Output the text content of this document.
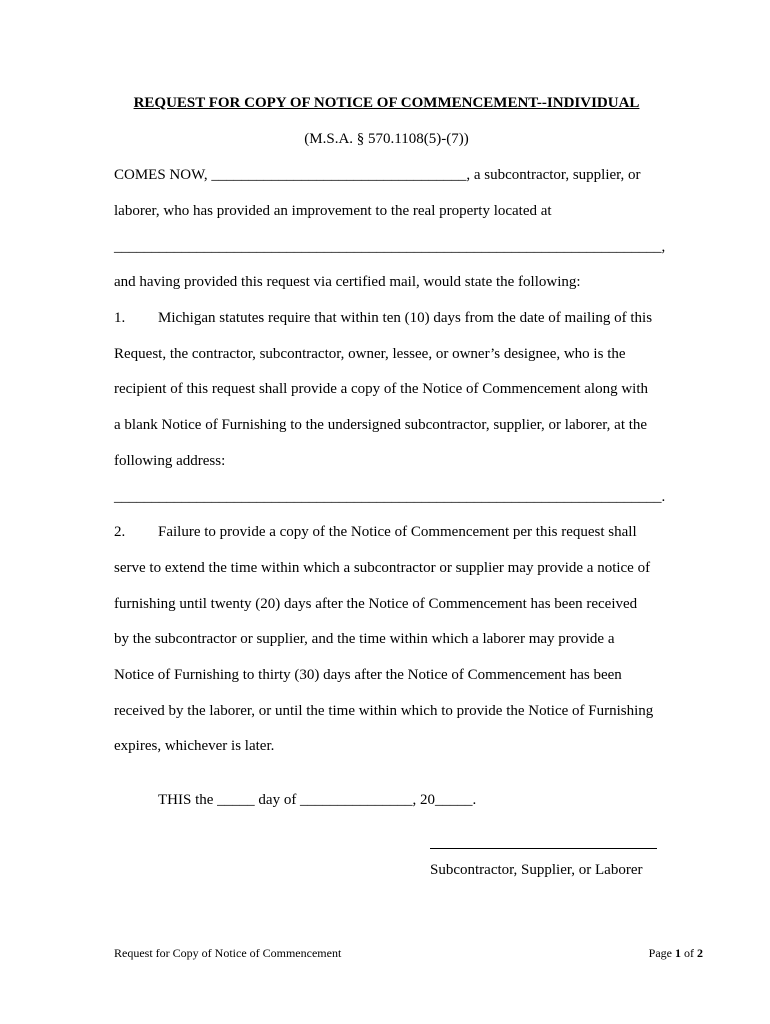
REQUEST FOR COPY OF NOTICE OF COMMENCEMENT--INDIVIDUAL
(M.S.A. § 570.1108(5)-(7))
COMES NOW, __________________________________, a subcontractor, supplier, or
laborer, who has provided an improvement to the real property located at
_________________________________________________________________________,
and having provided this request via certified mail, would state the following:
1. Michigan statutes require that within ten (10) days from the date of mailing of this
Request, the contractor, subcontractor, owner, lessee, or owner’s designee, who is the
recipient of this request shall provide a copy of the Notice of Commencement along with
a blank Notice of Furnishing to the undersigned subcontractor, supplier, or laborer, at the
following address:
_________________________________________________________________________.
2. Failure to provide a copy of the Notice of Commencement per this request shall
serve to extend the time within which a subcontractor or supplier may provide a notice of
furnishing until twenty (20) days after the Notice of Commencement has been received
by the subcontractor or supplier, and the time within which a laborer may provide a
Notice of Furnishing to thirty (30) days after the Notice of Commencement has been
received by the laborer, or until the time within which to provide the Notice of Furnishing
expires, whichever is later.
THIS the _____ day of _______________, 20_____.
Subcontractor, Supplier, or Laborer
Request for Copy of Notice of Commencement	Page 1 of 2
